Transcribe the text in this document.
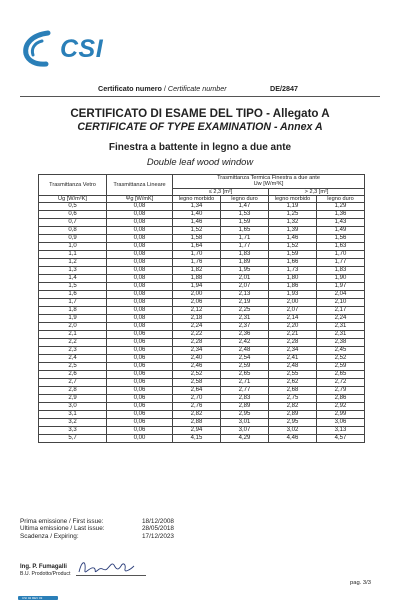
CSI
Certificato numero / Certificate number	DE/2847
CERTIFICATO DI ESAME DEL TIPO - Allegato A
CERTIFICATE OF TYPE EXAMINATION - Annex A
Finestra a battente in legno a due ante
Double leaf wood window
Trasmittanza Vetro	Trasmittanza Lineare	Trasmittanza Termica Finestra a due ante
Uw [W/m²K]			

		≤ 2,3 [m²]		> 2,3 [m²]	
Ug [W/m²K]	Ψg [W/mK]	legno morbido	legno duro	legno morbido	legno duro
0,5	0,08	1,34	1,47	1,19	1,29
0,6	0,08	1,40	1,53	1,25	1,36
0,7	0,08	1,46	1,59	1,32	1,43
0,8	0,08	1,52	1,65	1,39	1,49
0,9	0,08	1,58	1,71	1,46	1,56
1,0	0,08	1,64	1,77	1,52	1,63
1,1	0,08	1,70	1,83	1,59	1,70
1,2	0,08	1,76	1,89	1,66	1,77
1,3	0,08	1,82	1,95	1,73	1,83
1,4	0,08	1,88	2,01	1,80	1,90
1,5	0,08	1,94	2,07	1,86	1,97
1,6	0,08	2,00	2,13	1,93	2,04
1,7	0,08	2,06	2,19	2,00	2,10
1,8	0,08	2,12	2,25	2,07	2,17
1,9	0,08	2,18	2,31	2,14	2,24
2,0	0,08	2,24	2,37	2,20	2,31
2,1	0,06	2,22	2,36	2,21	2,31
2,2	0,06	2,28	2,42	2,28	2,38
2,3	0,06	2,34	2,48	2,34	2,45
2,4	0,06	2,40	2,54	2,41	2,52
2,5	0,06	2,46	2,59	2,48	2,59
2,6	0,06	2,52	2,65	2,55	2,65
2,7	0,06	2,58	2,71	2,62	2,72
2,8	0,06	2,64	2,77	2,68	2,79
2,9	0,06	2,70	2,83	2,75	2,86
3,0	0,06	2,76	2,89	2,82	2,92
3,1	0,06	2,82	2,95	2,89	2,99
3,2	0,06	2,88	3,01	2,95	3,06
3,3	0,06	2,94	3,07	3,02	3,13
5,7	0,00	4,15	4,29	4,46	4,57
Prima emissione / First issue:	18/12/2008
Ultima emissione / Last issue:	28/05/2018
Scadenza / Expiring:	17/12/2023
Ing. P. Fumagalli
B.U. Prodotto/Product
pag. 3/3
CSI 02 REV 03
